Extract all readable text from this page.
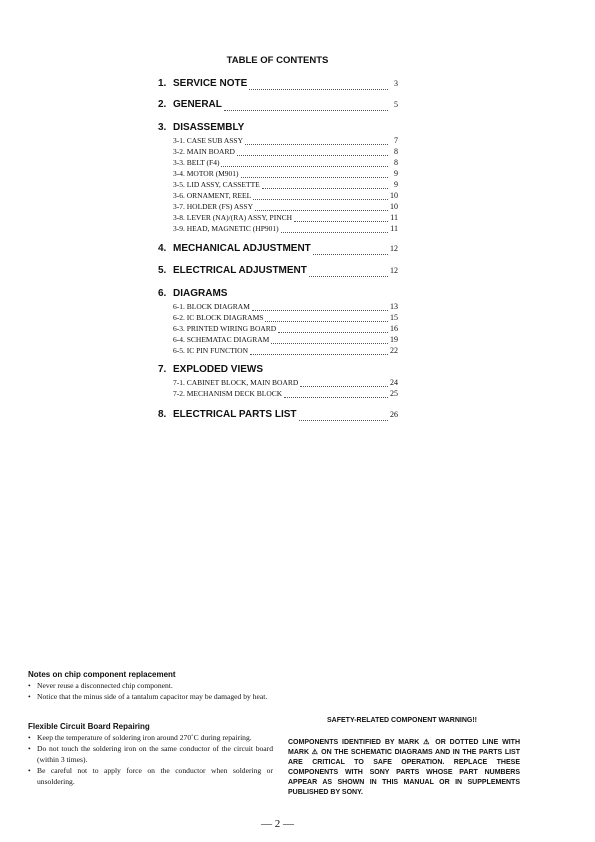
TABLE OF CONTENTS
1. SERVICE NOTE	3
2. GENERAL	5
3. DISASSEMBLY
3-1. CASE SUB ASSY	7
3-2. MAIN BOARD	8
3-3. BELT (F4)	8
3-4. MOTOR (M901)	9
3-5. LID ASSY, CASSETTE	9
3-6. ORNAMENT, REEL	10
3-7. HOLDER (FS) ASSY	10
3-8. LEVER (NA)/(RA) ASSY, PINCH	11
3-9. HEAD, MAGNETIC (HP901)	11
4. MECHANICAL ADJUSTMENT	12
5. ELECTRICAL ADJUSTMENT	12
6. DIAGRAMS
6-1. BLOCK DIAGRAM	13
6-2. IC BLOCK DIAGRAMS	15
6-3. PRINTED WIRING BOARD	16
6-4. SCHEMATAC DIAGRAM	19
6-5. IC PIN FUNCTION	22
7. EXPLODED VIEWS
7-1. CABINET BLOCK, MAIN BOARD	24
7-2. MECHANISM DECK BLOCK	25
8. ELECTRICAL PARTS LIST	26
Notes on chip component replacement
• Never reuse a disconnected chip component.
• Notice that the minus side of a tantalum capacitor may be damaged by heat.
Flexible Circuit Board Repairing
• Keep the temperature of soldering iron around 270˚C during repairing.
• Do not touch the soldering iron on the same conductor of the circuit board (within 3 times).
• Be careful not to apply force on the conductor when soldering or unsoldering.
SAFETY-RELATED COMPONENT WARNING!!
COMPONENTS IDENTIFIED BY MARK ⚠ OR DOTTED LINE WITH MARK ⚠ ON THE SCHEMATIC DIAGRAMS AND IN THE PARTS LIST ARE CRITICAL TO SAFE OPERATION. REPLACE THESE COMPONENTS WITH SONY PARTS WHOSE PART NUMBERS APPEAR AS SHOWN IN THIS MANUAL OR IN SUPPLEMENTS PUBLISHED BY SONY.
— 2 —
